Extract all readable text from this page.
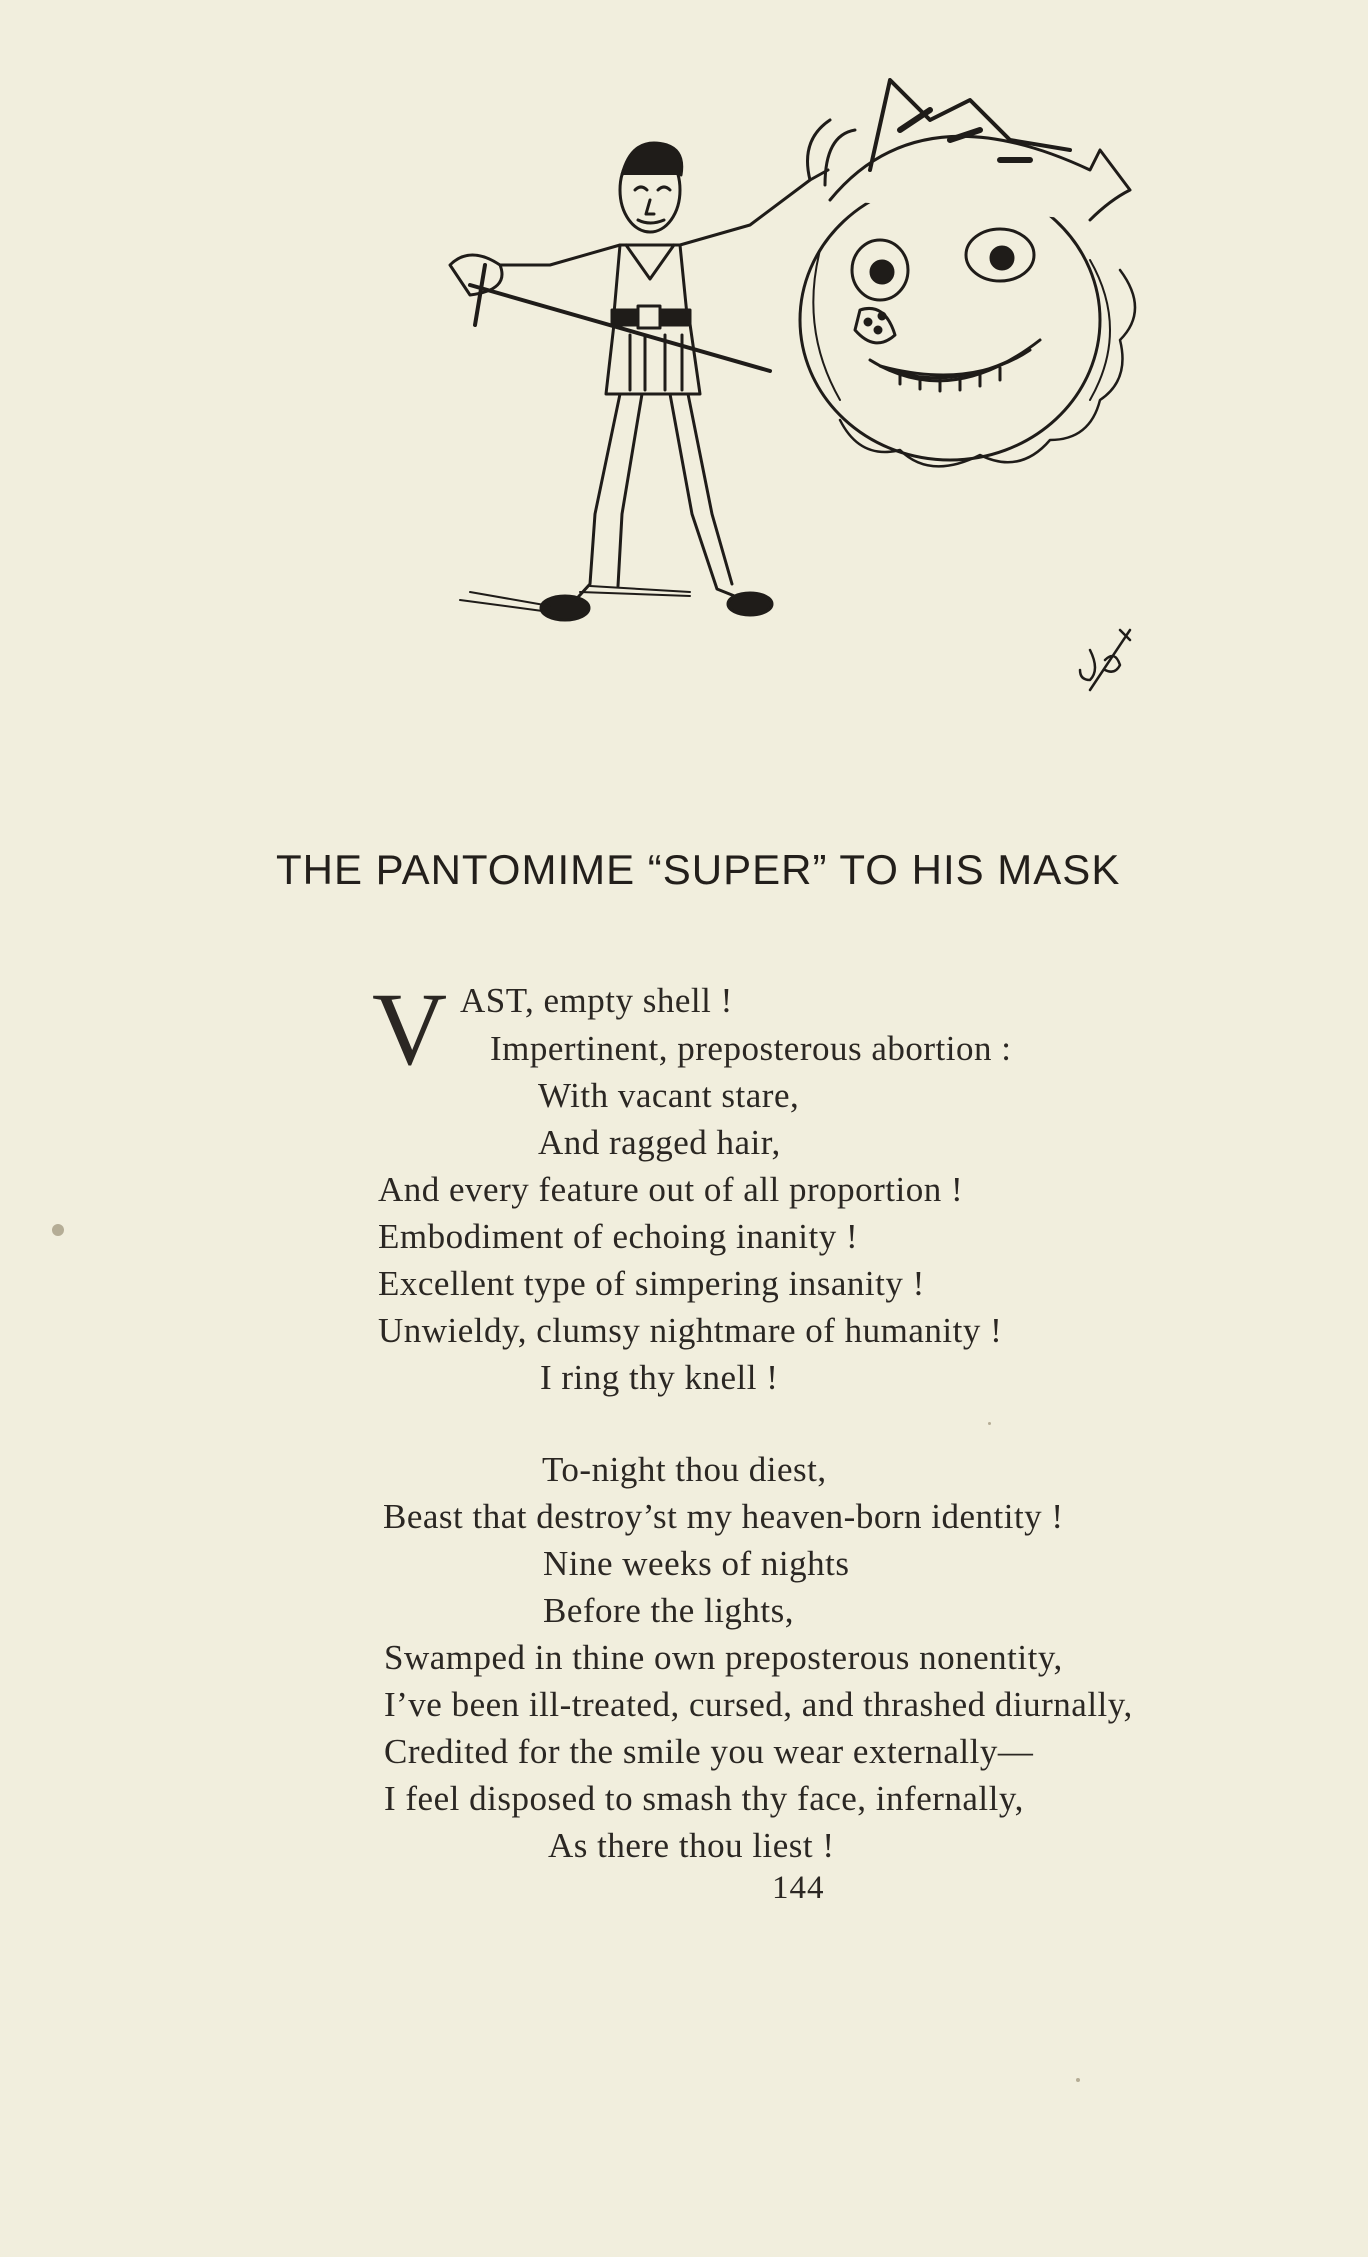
THE PANTOMIME “SUPER” TO HIS MASK
V AST, empty shell !
Impertinent, preposterous abortion :
With vacant stare,
And ragged hair,
And every feature out of all proportion !
Embodiment of echoing inanity !
Excellent type of simpering insanity !
Unwieldy, clumsy nightmare of humanity !
I ring thy knell !
To-night thou diest,
Beast that destroy’st my heaven-born identity !
Nine weeks of nights
Before the lights,
Swamped in thine own preposterous nonentity,
I’ve been ill-treated, cursed, and thrashed diurnally,
Credited for the smile you wear externally—
I feel disposed to smash thy face, infernally,
As there thou liest !
144
